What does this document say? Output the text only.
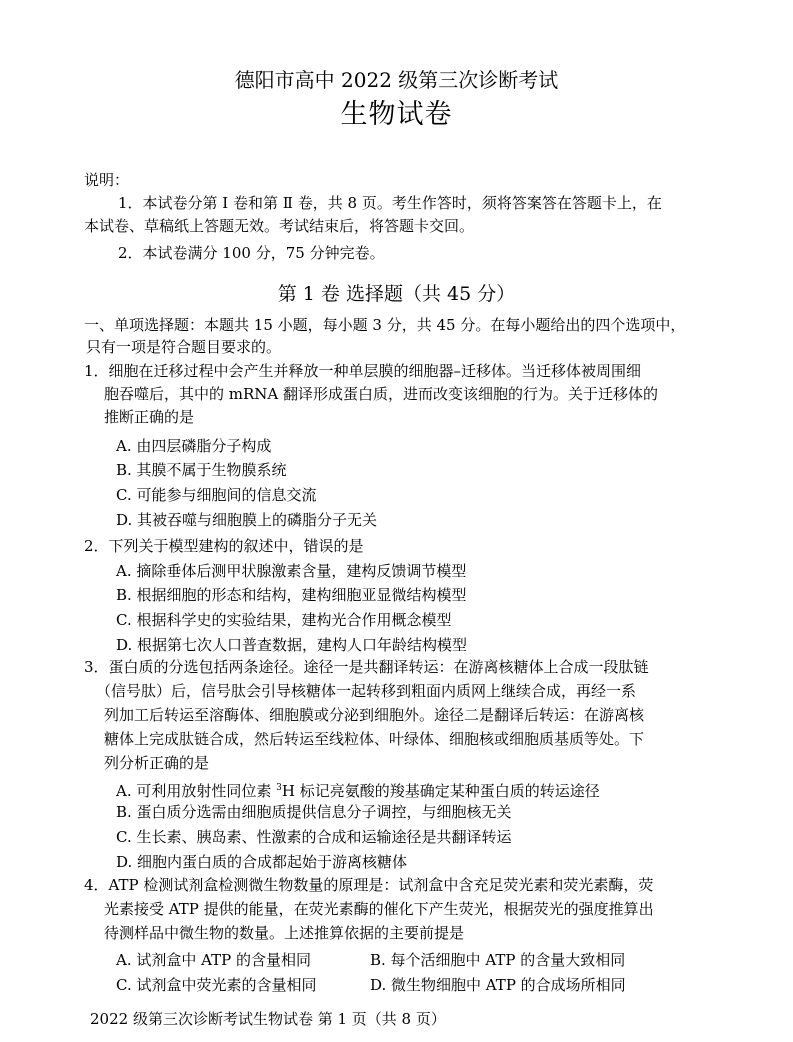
德阳市高中 2022 级第三次诊断考试
生物试卷
说明：
1．本试卷分第 Ⅰ 卷和第 Ⅱ 卷，共 8 页。考生作答时，须将答案答在答题卡上，在
本试卷、草稿纸上答题无效。考试结束后，将答题卡交回。
2．本试卷满分 100 分，75 分钟完卷。
第 1 卷 选择题（共 45 分）
一、单项选择题：本题共 15 小题，每小题 3 分，共 45 分。在每小题给出的四个选项中，
只有一项是符合题目要求的。
1．细胞在迁移过程中会产生并释放一种单层膜的细胞器–迁移体。当迁移体被周围细
胞吞噬后，其中的 mRNA 翻译形成蛋白质，进而改变该细胞的行为。关于迁移体的
推断正确的是
A. 由四层磷脂分子构成
B. 其膜不属于生物膜系统
C. 可能参与细胞间的信息交流
D. 其被吞噬与细胞膜上的磷脂分子无关
2．下列关于模型建构的叙述中，错误的是
A. 摘除垂体后测甲状腺激素含量，建构反馈调节模型
B. 根据细胞的形态和结构，建构细胞亚显微结构模型
C. 根据科学史的实验结果，建构光合作用概念模型
D. 根据第七次人口普查数据，建构人口年龄结构模型
3．蛋白质的分选包括两条途径。途径一是共翻译转运：在游离核糖体上合成一段肽链
（信号肽）后，信号肽会引导核糖体一起转移到粗面内质网上继续合成，再经一系
列加工后转运至溶酶体、细胞膜或分泌到细胞外。途径二是翻译后转运：在游离核
糖体上完成肽链合成，然后转运至线粒体、叶绿体、细胞核或细胞质基质等处。下
列分析正确的是
A. 可利用放射性同位素 $^3$H 标记亮氨酸的羧基确定某种蛋白质的转运途径
B. 蛋白质分选需由细胞质提供信息分子调控，与细胞核无关
C. 生长素、胰岛素、性激素的合成和运输途径是共翻译转运
D. 细胞内蛋白质的合成都起始于游离核糖体
4．ATP 检测试剂盒检测微生物数量的原理是：试剂盒中含充足荧光素和荧光素酶，荧
光素接受 ATP 提供的能量，在荧光素酶的催化下产生荧光，根据荧光的强度推算出
待测样品中微生物的数量。上述推算依据的主要前提是
A. 试剂盒中 ATP 的含量相同	B. 每个活细胞中 ATP 的含量大致相同
C. 试剂盒中荧光素的含量相同	D. 微生物细胞中 ATP 的合成场所相同
2022 级第三次诊断考试生物试卷 第 1 页（共 8 页）
